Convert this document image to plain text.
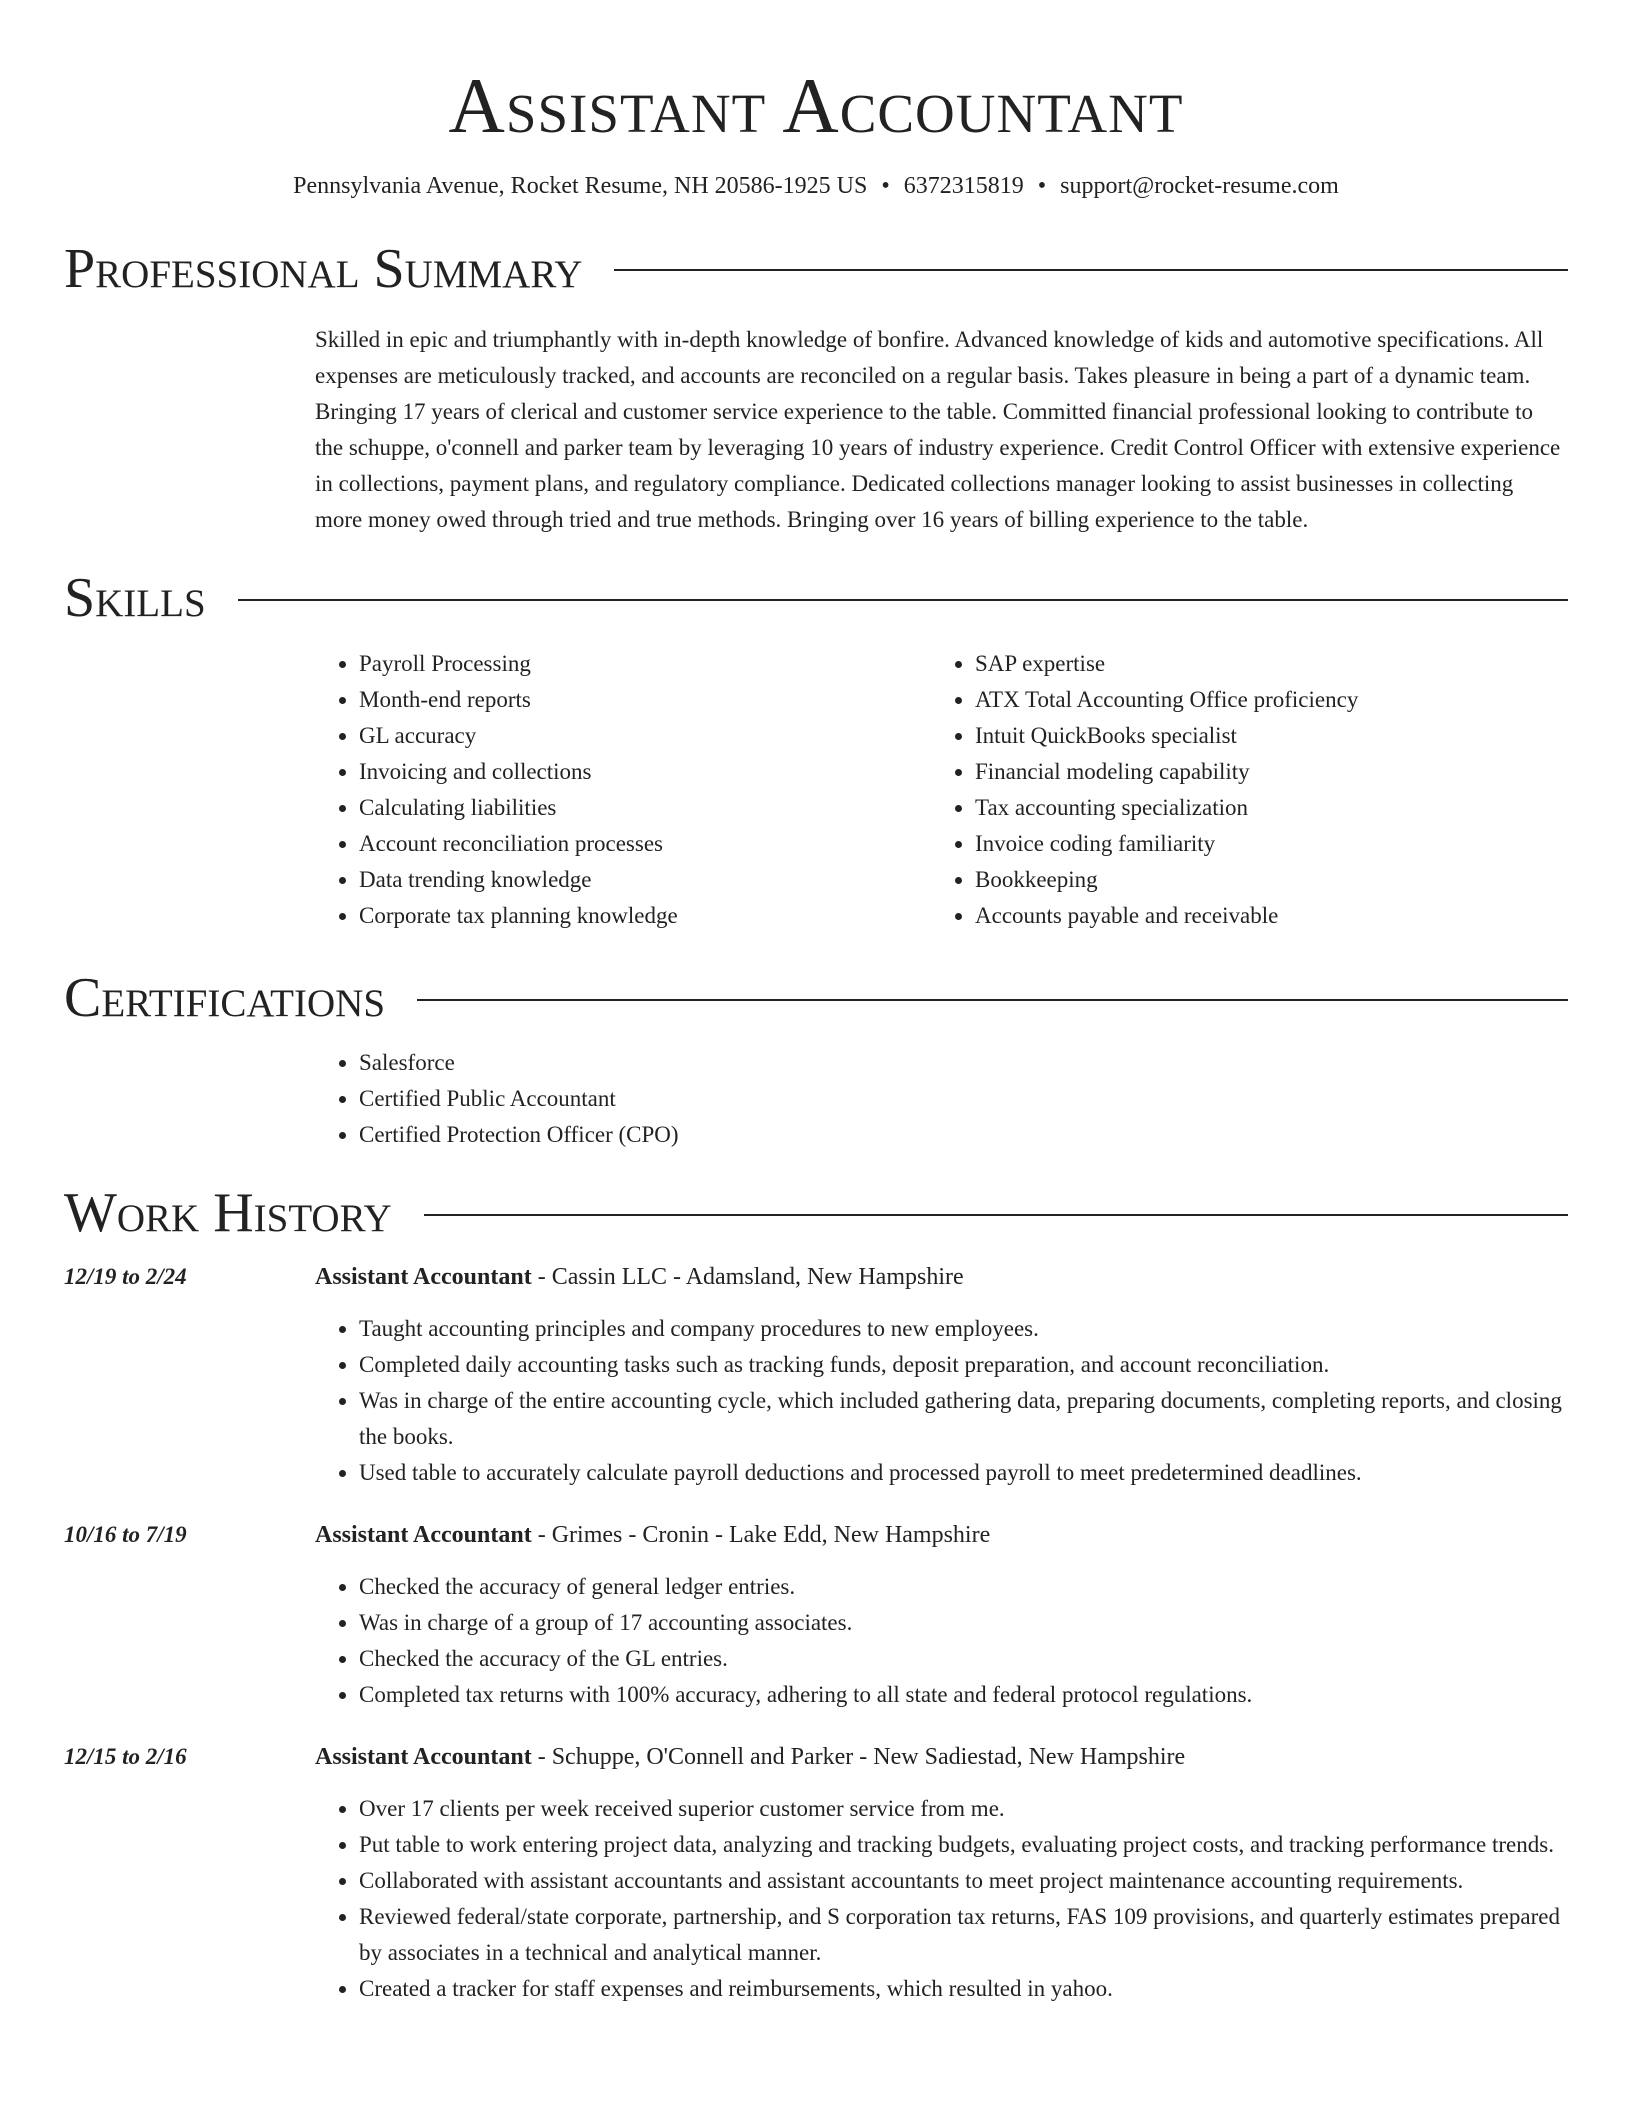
Assistant Accountant
Pennsylvania Avenue, Rocket Resume, NH 20586-1925 US • 6372315819 • support@rocket-resume.com
Professional Summary
Skilled in epic and triumphantly with in-depth knowledge of bonfire. Advanced knowledge of kids and automotive specifications. All expenses are meticulously tracked, and accounts are reconciled on a regular basis. Takes pleasure in being a part of a dynamic team. Bringing 17 years of clerical and customer service experience to the table. Committed financial professional looking to contribute to the schuppe, o'connell and parker team by leveraging 10 years of industry experience. Credit Control Officer with extensive experience in collections, payment plans, and regulatory compliance. Dedicated collections manager looking to assist businesses in collecting more money owed through tried and true methods. Bringing over 16 years of billing experience to the table.
Skills
• Payroll Processing
• Month-end reports
• GL accuracy
• Invoicing and collections
• Calculating liabilities
• Account reconciliation processes
• Data trending knowledge
• Corporate tax planning knowledge
• SAP expertise
• ATX Total Accounting Office proficiency
• Intuit QuickBooks specialist
• Financial modeling capability
• Tax accounting specialization
• Invoice coding familiarity
• Bookkeeping
• Accounts payable and receivable
Certifications
• Salesforce
• Certified Public Accountant
• Certified Protection Officer (CPO)
Work History
12/19 to 2/24	Assistant Accountant - Cassin LLC - Adamsland, New Hampshire
• Taught accounting principles and company procedures to new employees.
• Completed daily accounting tasks such as tracking funds, deposit preparation, and account reconciliation.
• Was in charge of the entire accounting cycle, which included gathering data, preparing documents, completing reports, and closing the books.
• Used table to accurately calculate payroll deductions and processed payroll to meet predetermined deadlines.
10/16 to 7/19	Assistant Accountant - Grimes - Cronin - Lake Edd, New Hampshire
• Checked the accuracy of general ledger entries.
• Was in charge of a group of 17 accounting associates.
• Checked the accuracy of the GL entries.
• Completed tax returns with 100% accuracy, adhering to all state and federal protocol regulations.
12/15 to 2/16	Assistant Accountant - Schuppe, O'Connell and Parker - New Sadiestad, New Hampshire
• Over 17 clients per week received superior customer service from me.
• Put table to work entering project data, analyzing and tracking budgets, evaluating project costs, and tracking performance trends.
• Collaborated with assistant accountants and assistant accountants to meet project maintenance accounting requirements.
• Reviewed federal/state corporate, partnership, and S corporation tax returns, FAS 109 provisions, and quarterly estimates prepared by associates in a technical and analytical manner.
• Created a tracker for staff expenses and reimbursements, which resulted in yahoo.
